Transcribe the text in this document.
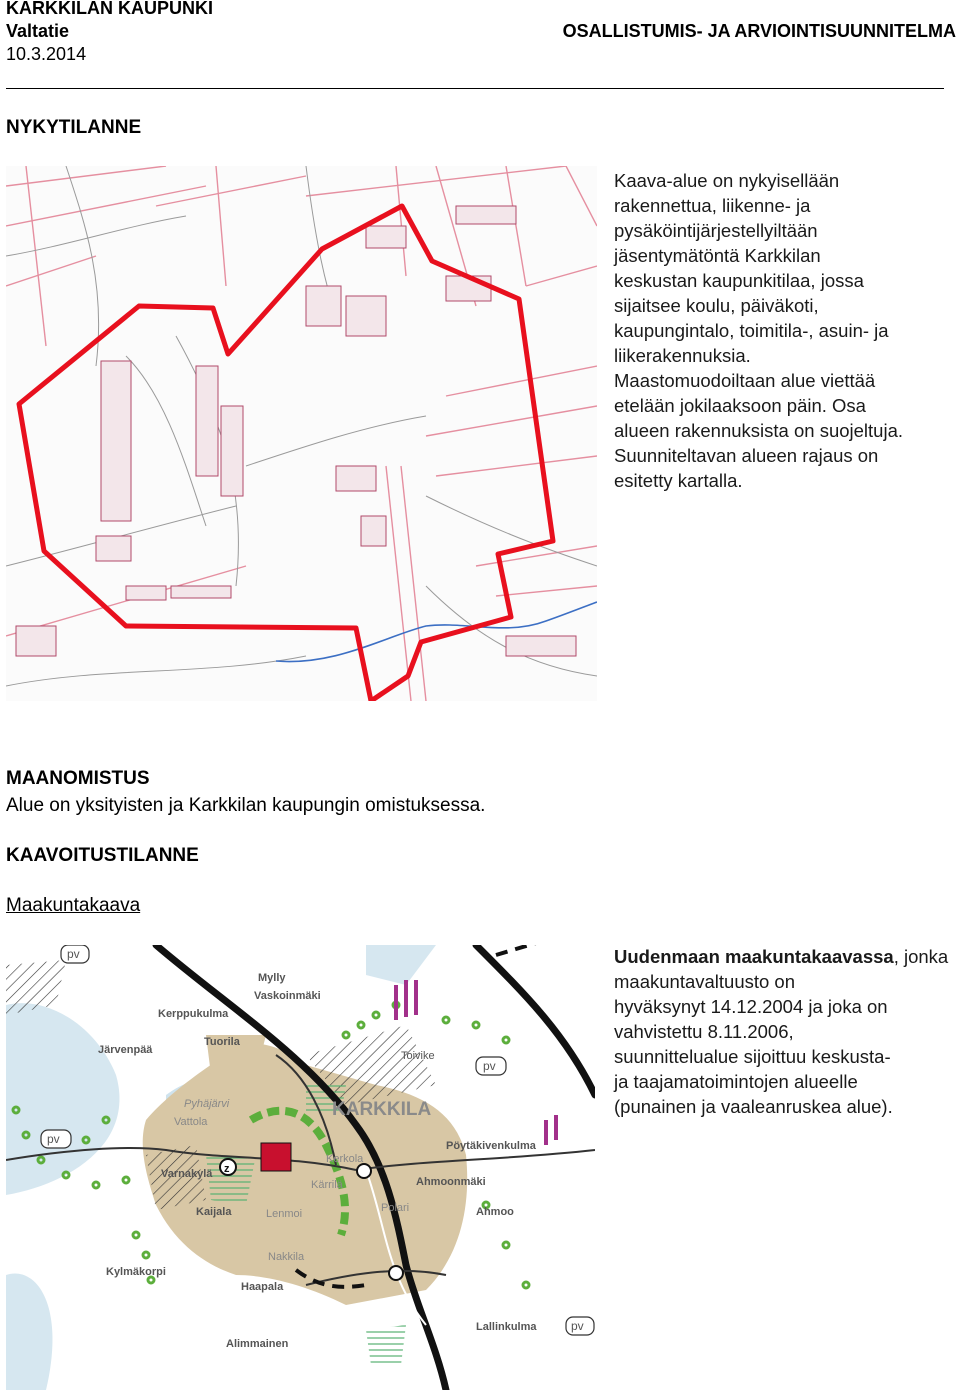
KARKKILAN KAUPUNKI
Valtatie
10.3.2014
OSALLISTUMIS- JA ARVIOINTISUUNNITELMA
NYKYTILANNE
Kaava-alue on nykyisellään
rakennettua, liikenne- ja
pysäköintijärjestellyiltään
jäsentymätöntä Karkkilan
keskustan kaupunkitilaa, jossa
sijaitsee koulu, päiväkoti,
kaupungintalo, toimitila-, asuin- ja
liikerakennuksia.
Maastomuodoiltaan alue viettää
etelään jokilaaksoon päin. Osa
alueen rakennuksista on suojeltuja.
Suunniteltavan alueen rajaus on
esitetty kartalla.
MAANOMISTUS
Alue on yksityisten ja Karkkilan kaupungin omistuksessa.
KAAVOITUSTILANNE
Maakuntakaava
z
pv
pv
pv
pv
Mylly
Vaskoinmäki
Kerppukulma
Järvenpää
Tuorila
Toivike
Pöytäkivenkulma
Varnakylä
Kaijala
Ahmoonmäki
Ahmoo
Kylmäkorpi
Haapala
Lallinkulma
Alimmainen
Pyhäjärvi
Vattola
Kerkola
Kärrilä
Lenmoi	Polari
Nakkila
KARKKILA
Uudenmaan maakuntakaavassa, jonka maakuntavaltuusto on
hyväksynyt 14.12.2004 ja joka on
vahvistettu 8.11.2006,
suunnittelualue sijoittuu keskusta-
ja taajamatoimintojen alueelle
(punainen ja vaaleanruskea alue).
